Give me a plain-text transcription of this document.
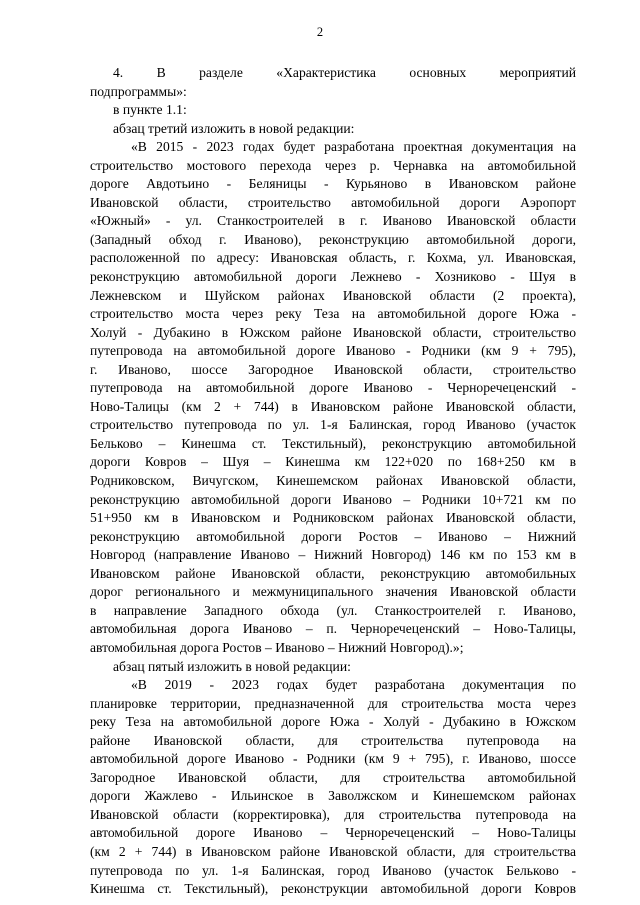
2
4. В разделе «Характеристика основных мероприятий
подпрограммы»:
в пункте 1.1:
абзац третий изложить в новой редакции:
«В 2015 - 2023 годах будет разработана проектная документация на
строительство мостового перехода через р. Чернавка на автомобильной
дороге Авдотьино - Беляницы - Курьяново в Ивановском районе
Ивановской области, строительство автомобильной дороги Аэропорт
«Южный» - ул. Станкостроителей в г. Иваново Ивановской области
(Западный обход г. Иваново), реконструкцию автомобильной дороги,
расположенной по адресу: Ивановская область, г. Кохма, ул. Ивановская,
реконструкцию автомобильной дороги Лежнево - Хозниково - Шуя в
Лежневском и Шуйском районах Ивановской области (2 проекта),
строительство моста через реку Теза на автомобильной дороге Южа -
Холуй - Дубакино в Южском районе Ивановской области, строительство
путепровода на автомобильной дороге Иваново - Родники (км 9 + 795),
г. Иваново, шоссе Загородное Ивановской области, строительство
путепровода на автомобильной дороге Иваново - Черноречеценский -
Ново-Талицы (км 2 + 744) в Ивановском районе Ивановской области,
строительство путепровода по ул. 1-я Балинская, город Иваново (участок
Бельково – Кинешма ст. Текстильный), реконструкцию автомобильной
дороги Ковров – Шуя – Кинешма км 122+020 по 168+250 км в
Родниковском, Вичугском, Кинешемском районах Ивановской области,
реконструкцию автомобильной дороги Иваново – Родники 10+721 км по
51+950 км в Ивановском и Родниковском районах Ивановской области,
реконструкцию автомобильной дороги Ростов – Иваново – Нижний
Новгород (направление Иваново – Нижний Новгород) 146 км по 153 км в
Ивановском районе Ивановской области, реконструкцию автомобильных
дорог регионального и межмуниципального значения Ивановской области
в направление Западного обхода (ул. Станкостроителей г. Иваново,
автомобильная дорога Иваново – п. Черноречеценский – Ново-Талицы,
автомобильная дорога Ростов – Иваново – Нижний Новгород).»;
абзац пятый изложить в новой редакции:
«В 2019 - 2023 годах будет разработана документация по
планировке территории, предназначенной для строительства моста через
реку Теза на автомобильной дороге Южа - Холуй - Дубакино в Южском
районе Ивановской области, для строительства путепровода на
автомобильной дороге Иваново - Родники (км 9 + 795), г. Иваново, шоссе
Загородное Ивановской области, для строительства автомобильной
дороги Жажлево - Ильинское в Заволжском и Кинешемском районах
Ивановской области (корректировка), для строительства путепровода на
автомобильной дороге Иваново – Черноречеценский – Ново-Талицы
(км 2 + 744) в Ивановском районе Ивановской области, для строительства
путепровода по ул. 1-я Балинская, город Иваново (участок Бельково -
Кинешма ст. Текстильный), реконструкции автомобильной дороги Ковров
